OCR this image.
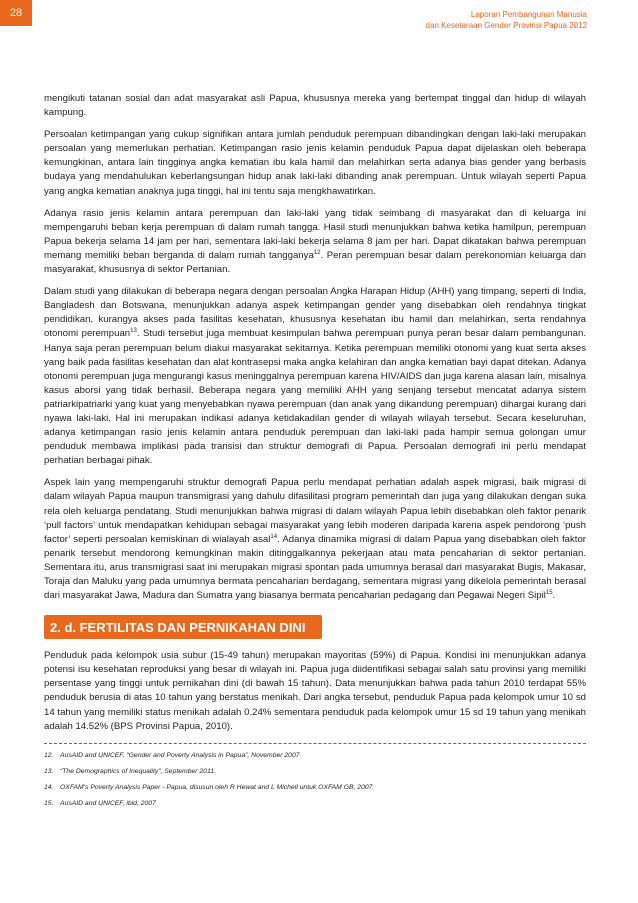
28	Laporan Pembangunan Manusia
dan Kesetaraan Gender Provinsi Papua 2012

mengikuti tatanan sosial dan adat masyarakat asli Papua, khususnya mereka yang bertempat tinggal dan hidup di wilayah kampung.

Persoalan ketimpangan yang cukup signifikan antara jumlah penduduk perempuan dibandingkan dengan laki-laki merupakan persoalan yang memerlukan perhatian. Ketimpangan rasio jenis kelamin penduduk Papua dapat dijelaskan oleh beberapa kemungkinan, antara lain tingginya angka kematian ibu kala hamil dan melahirkan serta adanya bias gender yang berbasis budaya yang mendahulukan keberlangsungan hidup anak laki-laki dibanding anak perempuan. Untuk wilayah seperti Papua yang angka kematian anaknya juga tinggi, hal ini tentu saja mengkhawatirkan.

Adanya rasio jenis kelamin antara perempuan dan laki-laki yang tidak seimbang di masyarakat dan di keluarga ini mempengaruhi beban kerja perempuan di dalam rumah tangga. Hasil studi menunjukkan bahwa ketika hamilpun, perempuan Papua bekerja selama 14 jam per hari, sementara laki-laki bekerja selama 8 jam per hari. Dapat dikatakan bahwa perempuan memang memiliki beban berganda di dalam rumah tangganya$^{12}$. Peran perempuan besar dalam perekonomian keluarga dan masyarakat, khususnya di sektor Pertanian.

Dalam studi yang dilakukan di beberapa negara dengan persoalan Angka Harapan Hidup (AHH) yang timpang, seperti di India, Bangladesh dan Botswana, menunjukkan adanya aspek ketimpangan gender yang disebabkan oleh rendahnya tingkat pendidikan, kurangya akses pada fasilitas kesehatan, khususnya kesehatan ibu hamil dan melahirkan, serta rendahnya otonomi perempuan$^{13}$. Studi tersebut juga membuat kesimpulan bahwa perempuan punya peran besar dalam pembangunan. Hanya saja peran perempuan belum diakui masyarakat sekitarnya. Ketika perempuan memiliki otonomi yang kuat serta akses yang baik pada fasilitas kesehatan dan alat kontrasepsi maka angka kelahiran dan angka kematian bayi dapat ditekan. Adanya otonomi perempuan juga mengurangi kasus meninggalnya perempuan karena HIV/AIDS dan juga karena alasan lain, misalnya kasus aborsi yang tidak berhasil. Beberapa negara yang memiliki AHH yang senjang tersebut mencatat adanya sistem patriarkipatriarki yang kuat yang menyebabkan nyawa perempuan (dan anak yang dikandung perempuan) dihargai kurang dari nyawa laki-laki. Hal ini merupakan indikasi adanya ketidakadilan gender di wilayah wilayah tersebut. Secara keseluruhan, adanya ketimpangan rasio jenis kelamin antara penduduk perempuan dan laki-laki pada hampir semua golongan umur penduduk membawa implikasi pada transisi dan struktur demografi di Papua. Persoalan demografi ini perlu mendapat perhatian berbagai pihak.

Aspek lain yang mempengaruhi struktur demografi Papua perlu mendapat perhatian adalah aspek migrasi, baik migrasi di dalam wilayah Papua maupun transmigrasi yang dahulu difasilitasi program pemerintah dan juga yang dilakukan dengan suka rela oleh keluarga pendatang. Studi menunjukkan bahwa migrasi di dalam wilayah Papua lebih disebabkan oleh faktor penarik ‘pull factors’ untuk mendapatkan kehidupan sebagai masyarakat yang lebih moderen daripada karena aspek pendorong ‘push factor’ seperti persoalan kemiskinan di wialayah asal$^{14}$. Adanya dinamika migrasi di dalam Papua yang disebabkan oleh faktor penarik tersebut mendorong kemungkinan makin ditinggalkannya pekerjaan atau mata pencaharian di sektor pertanian. Sementara itu, arus transmigrasi saat ini merupakan migrasi spontan pada umumnya berasal dari masyarakat Bugis, Makasar, Toraja dan Maluku yang pada umumnya bermata pencaharian berdagang, sementara migrasi yang dikelola pemerintah berasal dari masyarakat Jawa, Madura dan Sumatra yang biasanya bermata pencaharian pedagang dan Pegawai Negeri Sipil$^{15}$.

2. d. FERTILITAS DAN PERNIKAHAN DINI

Penduduk pada kelompok usia subur (15-49 tahun) merupakan mayoritas (59%) di Papua. Kondisi ini menunjukkan adanya potensi isu kesehatan reproduksi yang besar di wilayah ini. Papua juga diidentifikasi sebagai salah satu provinsi yang memiliki persentase yang tinggi untuk pernikahan dini (di bawah 15 tahun). Data menunjukkan bahwa pada tahun 2010 terdapat 55% penduduk berusia di atas 10 tahun yang berstatus menikah. Dari angka tersebut, penduduk Papua pada kelompok umur 10 sd 14 tahun yang memiliki status menikah adalah 0.24% sementara penduduk pada kelompok umur 15 sd 19 tahun yang menikah adalah 14.52% (BPS Provinsi Papua, 2010).

12. AusAID and UNICEF, “Gender and Poverty Analysis in Papua”, November 2007
13. “The Demographics of Inequality”, September 2011.
14. OXFAM’s Poverty Analysis Paper - Papua, disusun oleh R Hewat and L Michell untuk OXFAM GB, 2007.
15. AusAID and UNICEF, ibid, 2007
